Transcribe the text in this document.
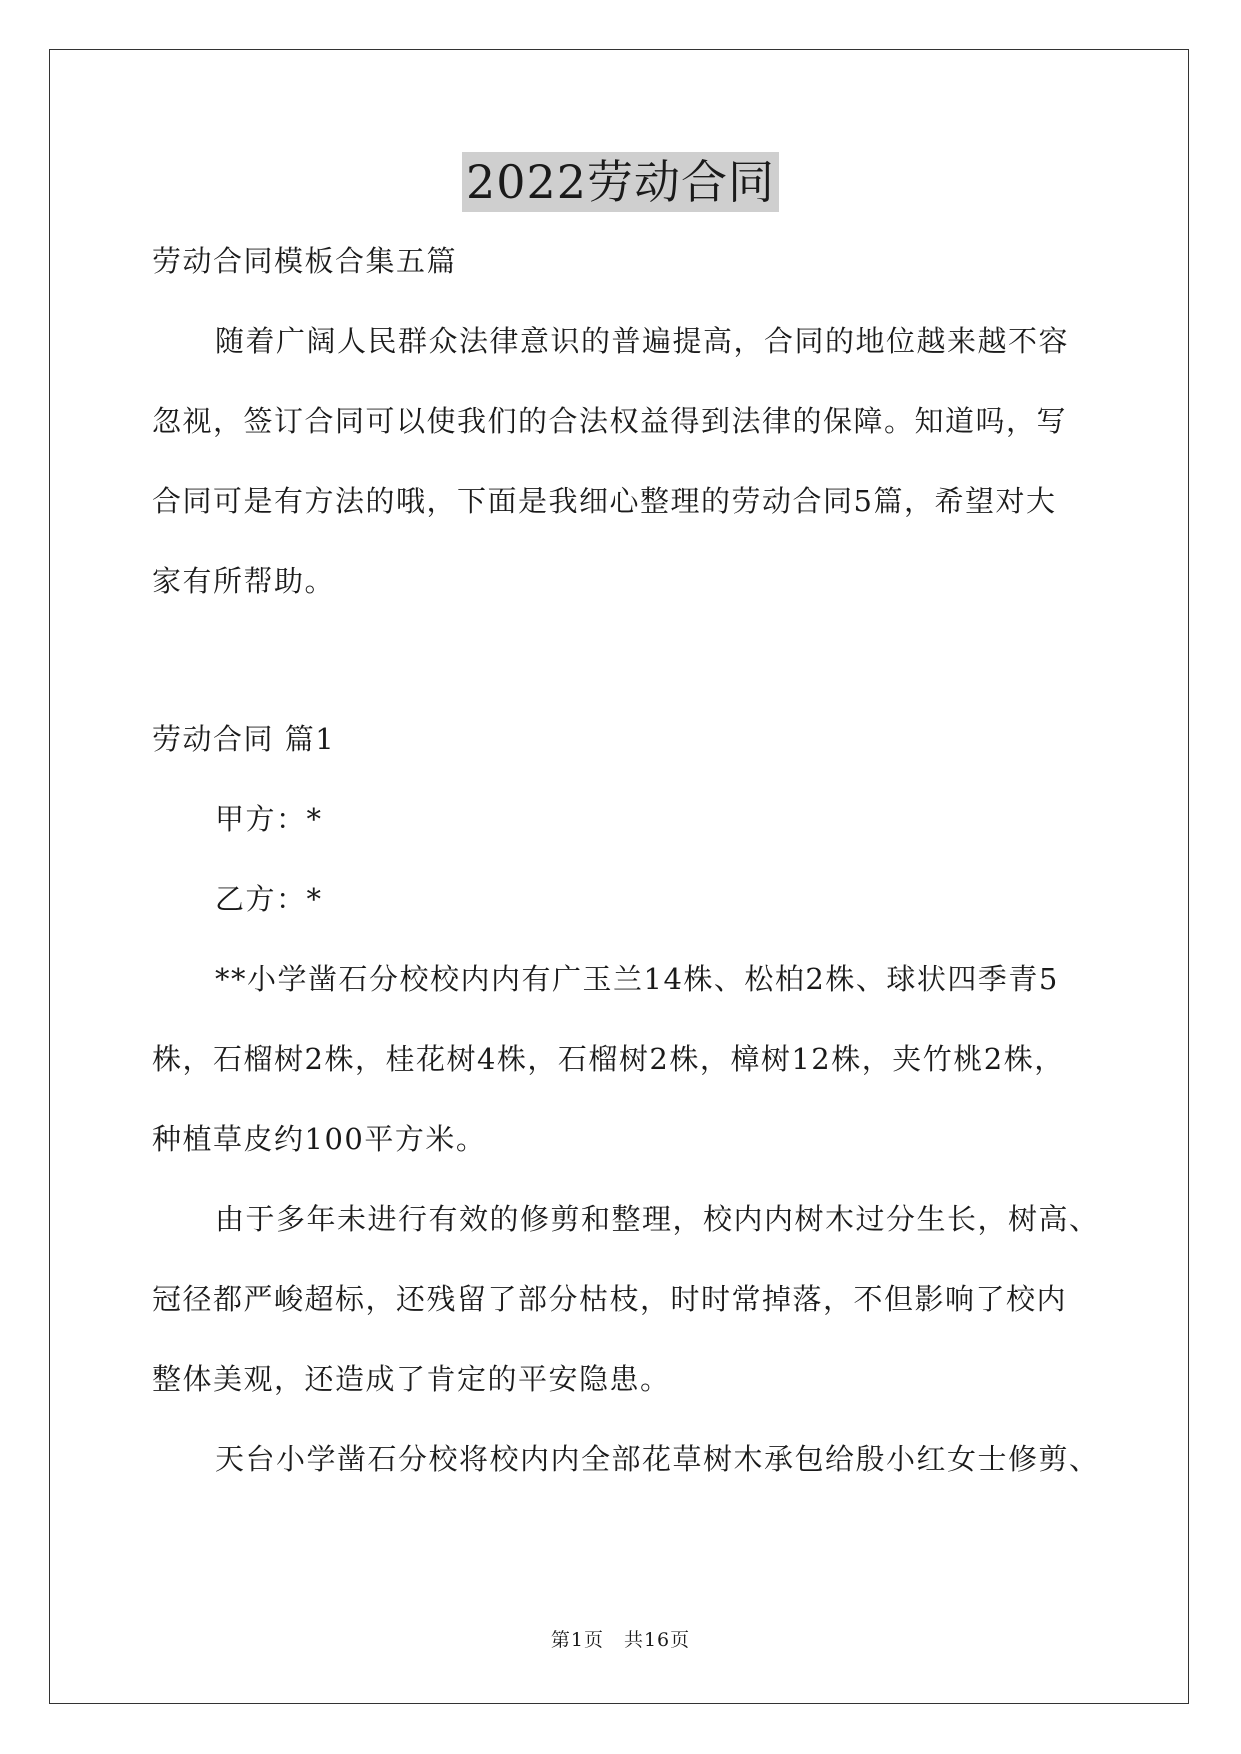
2022劳动合同
劳动合同模板合集五篇
随着广阔人民群众法律意识的普遍提高，合同的地位越来越不容
忽视，签订合同可以使我们的合法权益得到法律的保障。知道吗，写
合同可是有方法的哦，下面是我细心整理的劳动合同5篇，希望对大
家有所帮助。
劳动合同 篇1
甲方：*
乙方：*
**小学凿石分校校内内有广玉兰14株、松柏2株、球状四季青5
株，石榴树2株，桂花树4株，石榴树2株，樟树12株，夹竹桃2株，
种植草皮约100平方米。
由于多年未进行有效的修剪和整理，校内内树木过分生长，树高、
冠径都严峻超标，还残留了部分枯枝，时时常掉落，不但影响了校内
整体美观，还造成了肯定的平安隐患。
天台小学凿石分校将校内内全部花草树木承包给殷小红女士修剪、
第1页　共16页
